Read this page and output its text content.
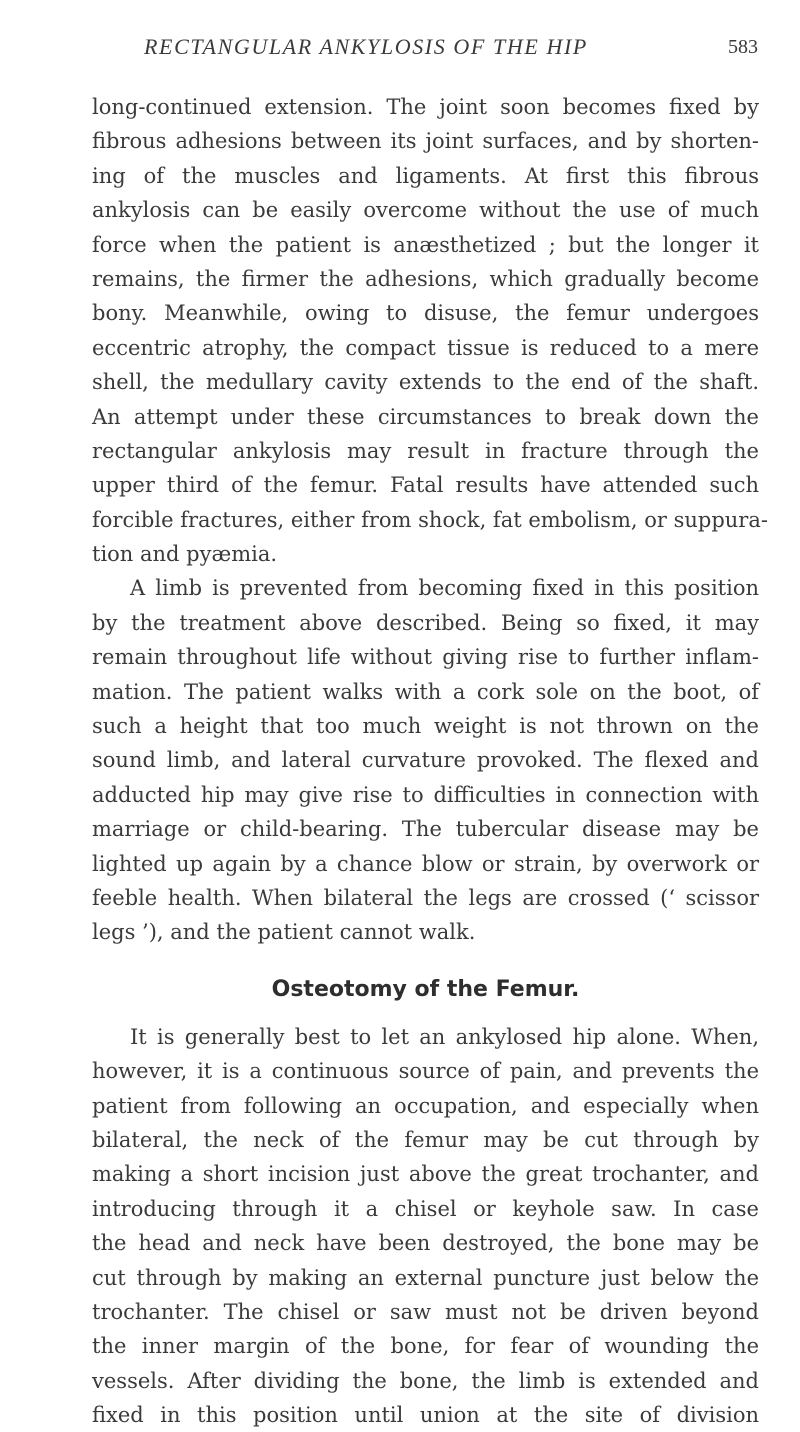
RECTANGULAR ANKYLOSIS OF THE HIP	583
long-continued extension. The joint soon becomes fixed by
fibrous adhesions between its joint surfaces, and by shorten-
ing of the muscles and ligaments. At first this fibrous
ankylosis can be easily overcome without the use of much
force when the patient is anæsthetized ; but the longer it
remains, the firmer the adhesions, which gradually become
bony. Meanwhile, owing to disuse, the femur undergoes
eccentric atrophy, the compact tissue is reduced to a mere
shell, the medullary cavity extends to the end of the shaft.
An attempt under these circumstances to break down the
rectangular ankylosis may result in fracture through the
upper third of the femur. Fatal results have attended such
forcible fractures, either from shock, fat embolism, or suppura-
tion and pyæmia.
A limb is prevented from becoming fixed in this position
by the treatment above described. Being so fixed, it may
remain throughout life without giving rise to further inflam-
mation. The patient walks with a cork sole on the boot, of
such a height that too much weight is not thrown on the
sound limb, and lateral curvature provoked. The flexed and
adducted hip may give rise to difficulties in connection with
marriage or child-bearing. The tubercular disease may be
lighted up again by a chance blow or strain, by overwork or
feeble health. When bilateral the legs are crossed (‘ scissor
legs ’), and the patient cannot walk.
Osteotomy of the Femur.
It is generally best to let an ankylosed hip alone. When,
however, it is a continuous source of pain, and prevents the
patient from following an occupation, and especially when
bilateral, the neck of the femur may be cut through by
making a short incision just above the great trochanter, and
introducing through it a chisel or keyhole saw. In case
the head and neck have been destroyed, the bone may be
cut through by making an external puncture just below the
trochanter. The chisel or saw must not be driven beyond
the inner margin of the bone, for fear of wounding the
vessels. After dividing the bone, the limb is extended and
fixed in this position until union at the site of division
